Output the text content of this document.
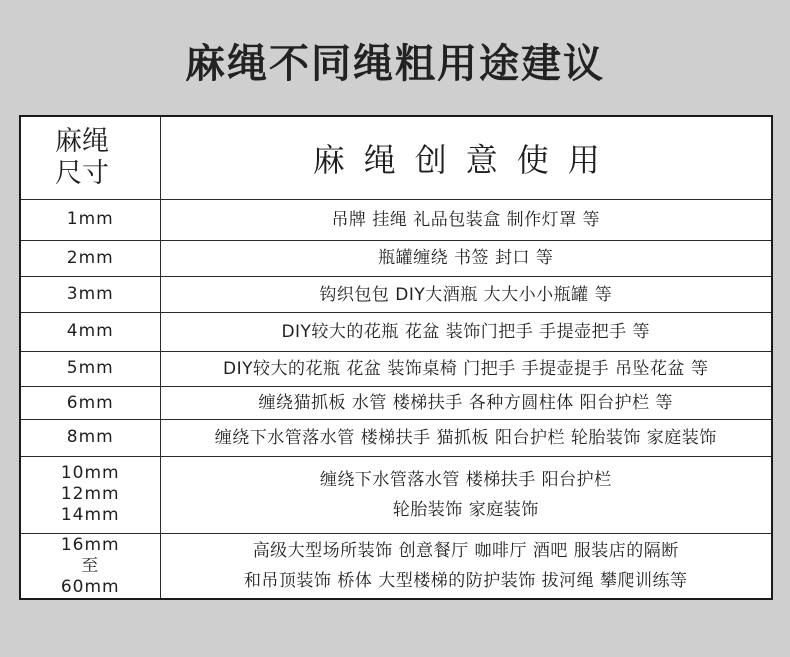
麻绳不同绳粗用途建议
麻绳
尺寸	麻绳创意使用

1mm	吊牌 挂绳 礼品包装盒 制作灯罩 等

2mm	瓶罐缠绕 书签 封口 等

3mm	钩织包包 DIY大酒瓶 大大小小瓶罐 等

4mm	DIY较大的花瓶 花盆 装饰门把手 手提壶把手 等

5mm	DIY较大的花瓶 花盆 装饰桌椅 门把手 手提壶提手 吊坠花盆 等

6mm	缠绕猫抓板 水管 楼梯扶手 各种方圆柱体 阳台护栏 等

8mm	缠绕下水管落水管 楼梯扶手 猫抓板 阳台护栏 轮胎装饰 家庭装饰

10mm
12mm
14mm	缠绕下水管落水管 楼梯扶手 阳台护栏
轮胎装饰 家庭装饰

16mm
至
60mm	高级大型场所装饰 创意餐厅 咖啡厅 酒吧 服装店的隔断
和吊顶装饰 桥体 大型楼梯的防护装饰 拔河绳 攀爬训练等
